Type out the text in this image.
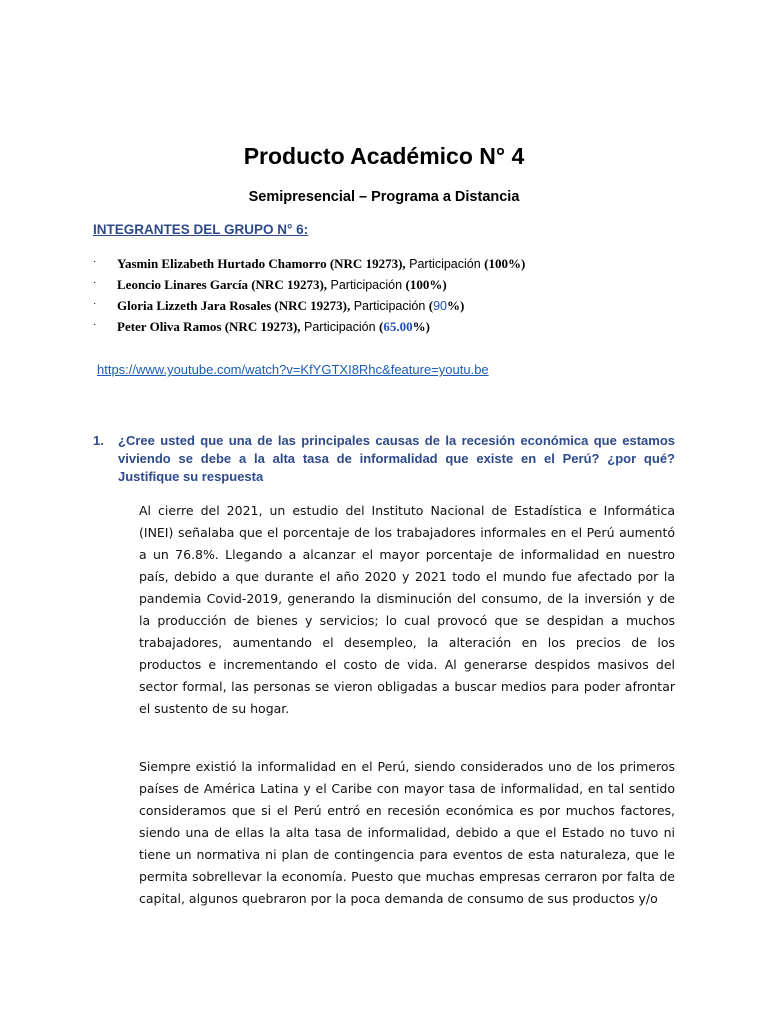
Producto Académico N° 4
Semipresencial – Programa a Distancia
INTEGRANTES DEL GRUPO N° 6:
· Yasmin Elizabeth Hurtado Chamorro (NRC 19273), Participación (100%)
· Leoncio Linares García (NRC 19273), Participación (100%)
· Gloria Lizzeth Jara Rosales (NRC 19273), Participación (90%)
· Peter Oliva Ramos (NRC 19273), Participación (65.00%)
https://www.youtube.com/watch?v=KfYGTXI8Rhc&feature=youtu.be
1. ¿Cree usted que una de las principales causas de la recesión económica que estamos viviendo se debe a la alta tasa de informalidad que existe en el Perú? ¿por qué? Justifique su respuesta

Al cierre del 2021, un estudio del Instituto Nacional de Estadística e Informática (INEI) señalaba que el porcentaje de los trabajadores informales en el Perú aumentó a un 76.8%. Llegando a alcanzar el mayor porcentaje de informalidad en nuestro país, debido a que durante el año 2020 y 2021 todo el mundo fue afectado por la pandemia Covid-2019, generando la disminución del consumo, de la inversión y de la producción de bienes y servicios; lo cual provocó que se despidan a muchos trabajadores, aumentando el desempleo, la alteración en los precios de los productos e incrementando el costo de vida. Al generarse despidos masivos del sector formal, las personas se vieron obligadas a buscar medios para poder afrontar el sustento de su hogar.

Siempre existió la informalidad en el Perú, siendo considerados uno de los primeros países de América Latina y el Caribe con mayor tasa de informalidad, en tal sentido consideramos que si el Perú entró en recesión económica es por muchos factores, siendo una de ellas la alta tasa de informalidad, debido a que el Estado no tuvo ni tiene un normativa ni plan de contingencia para eventos de esta naturaleza, que le permita sobrellevar la economía. Puesto que muchas empresas cerraron por falta de capital, algunos quebraron por la poca demanda de consumo de sus productos y/o
